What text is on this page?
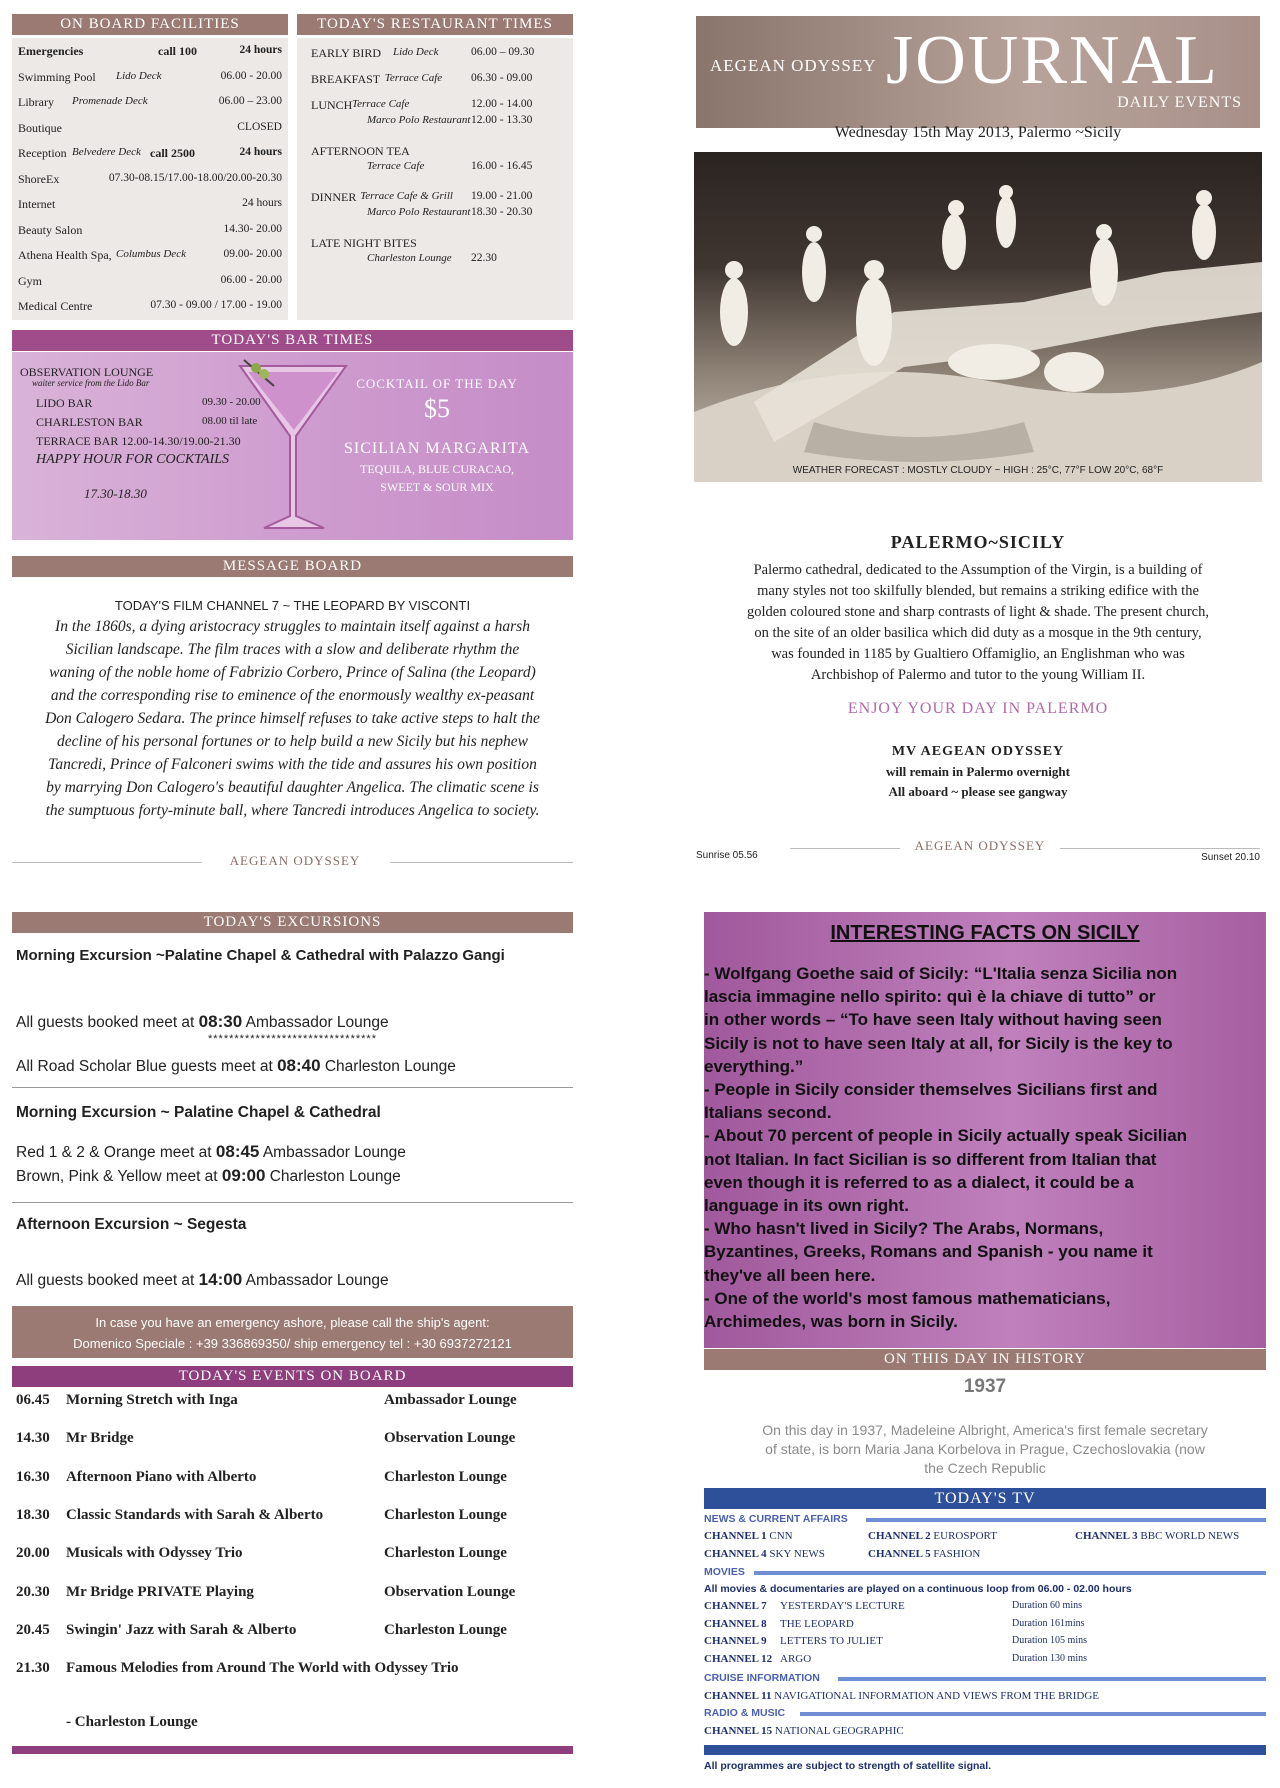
ON BOARD FACILITIES
Emergencies	call 100	24 hours
Swimming Pool Lido Deck	06.00 - 20.00
Library Promenade Deck	06.00 – 23.00
Boutique	CLOSED
Reception Belvedere Deck call 2500	24 hours
ShoreEx	07.30-08.15/17.00-18.00/20.00-20.30
Internet	24 hours
Beauty Salon	14.30- 20.00
Athena Health Spa, Columbus Deck	09.00- 20.00
Gym	06.00 - 20.00
Medical Centre	07.30 - 09.00 / 17.00 - 19.00
TODAY'S RESTAURANT TIMES
EARLY BIRD Lido Deck	06.00 – 09.30
BREAKFAST Terrace Cafe	06.30 - 09.00
LUNCH Terrace Cafe	12.00 - 14.00
Marco Polo Restaurant 12.00 - 13.30
AFTERNOON TEA
Terrace Cafe	16.00 - 16.45
DINNER Terrace Cafe & Grill 19.00 - 21.00
Marco Polo Restaurant 18.30 - 20.30
LATE NIGHT BITES
Charleston Lounge 22.30
TODAY'S BAR TIMES
OBSERVATION LOUNGE
waiter service from the Lido Bar
LIDO BAR	09.30 - 20.00
CHARLESTON BAR	08.00 til late
TERRACE BAR 12.00-14.30/19.00-21.30
HAPPY HOUR FOR COCKTAILS
17.30-18.30
COCKTAIL OF THE DAY
$5
SICILIAN MARGARITA
TEQUILA, BLUE CURACAO,
SWEET & SOUR MIX
MESSAGE BOARD
TODAY'S FILM CHANNEL 7 ~ THE LEOPARD BY VISCONTI
In the 1860s, a dying aristocracy struggles to maintain itself against a harsh
Sicilian landscape. The film traces with a slow and deliberate rhythm the
waning of the noble home of Fabrizio Corbero, Prince of Salina (the Leopard)
and the corresponding rise to eminence of the enormously wealthy ex-peasant
Don Calogero Sedara. The prince himself refuses to take active steps to halt the
decline of his personal fortunes or to help build a new Sicily but his nephew
Tancredi, Prince of Falconeri swims with the tide and assures his own position
by marrying Don Calogero's beautiful daughter Angelica. The climatic scene is
the sumptuous forty-minute ball, where Tancredi introduces Angelica to society.
AEGEAN ODYSSEY
AEGEAN ODYSSEY JOURNAL
DAILY EVENTS
Wednesday 15th May 2013, Palermo ~Sicily
WEATHER FORECAST : MOSTLY CLOUDY ~ HIGH : 25°C, 77°F LOW 20°C, 68°F
PALERMO~SICILY
Palermo cathedral, dedicated to the Assumption of the Virgin, is a building of
many styles not too skilfully blended, but remains a striking edifice with the
golden coloured stone and sharp contrasts of light & shade. The present church,
on the site of an older basilica which did duty as a mosque in the 9th century,
was founded in 1185 by Gualtiero Offamiglio, an Englishman who was
Archbishop of Palermo and tutor to the young William II.
ENJOY YOUR DAY IN PALERMO
MV AEGEAN ODYSSEY
will remain in Palermo overnight
All aboard ~ please see gangway
AEGEAN ODYSSEY
Sunrise 05.56	Sunset 20.10
TODAY'S EXCURSIONS
Morning Excursion ~Palatine Chapel & Cathedral with Palazzo Gangi
All guests booked meet at 08:30 Ambassador Lounge
********************************
All Road Scholar Blue guests meet at 08:40 Charleston Lounge
Morning Excursion ~ Palatine Chapel & Cathedral
Red 1 & 2 & Orange meet at 08:45 Ambassador Lounge
Brown, Pink & Yellow meet at 09:00 Charleston Lounge
Afternoon Excursion ~ Segesta
All guests booked meet at 14:00 Ambassador Lounge
In case you have an emergency ashore, please call the ship's agent:
Domenico Speciale : +39 336869350/ ship emergency tel : +30 6937272121
TODAY'S EVENTS ON BOARD
06.45 Morning Stretch with Inga	Ambassador Lounge
14.30 Mr Bridge	Observation Lounge
16.30 Afternoon Piano with Alberto	Charleston Lounge
18.30 Classic Standards with Sarah & Alberto	Charleston Lounge
20.00 Musicals with Odyssey Trio	Charleston Lounge
20.30 Mr Bridge PRIVATE Playing	Observation Lounge
20.45 Swingin' Jazz with Sarah & Alberto	Charleston Lounge
21.30 Famous Melodies from Around The World with Odyssey Trio
- Charleston Lounge
INTERESTING FACTS ON SICILY
- Wolfgang Goethe said of Sicily: “L'Italia senza Sicilia non
lascia immagine nello spirito: quì è la chiave di tutto” or
in other words – “To have seen Italy without having seen
Sicily is not to have seen Italy at all, for Sicily is the key to
everything.”
- People in Sicily consider themselves Sicilians first and
Italians second.
- About 70 percent of people in Sicily actually speak Sicilian
not Italian. In fact Sicilian is so different from Italian that
even though it is referred to as a dialect, it could be a
language in its own right.
- Who hasn't lived in Sicily? The Arabs, Normans,
Byzantines, Greeks, Romans and Spanish - you name it
they've all been here.
- One of the world's most famous mathematicians,
Archimedes, was born in Sicily.
ON THIS DAY IN HISTORY
1937
On this day in 1937, Madeleine Albright, America's first female secretary
of state, is born Maria Jana Korbelova in Prague, Czechoslovakia (now
the Czech Republic
TODAY'S TV
NEWS & CURRENT AFFAIRS
CHANNEL 1 CNN	CHANNEL 2 EUROSPORT	CHANNEL 3 BBC WORLD NEWS
CHANNEL 4 SKY NEWS	CHANNEL 5 FASHION
MOVIES
All movies & documentaries are played on a continuous loop from 06.00 - 02.00 hours
CHANNEL 7 YESTERDAY'S LECTURE	Duration 60 mins
CHANNEL 8 THE LEOPARD	Duration 161mins
CHANNEL 9 LETTERS TO JULIET	Duration 105 mins
CHANNEL 12 ARGO	Duration 130 mins
CRUISE INFORMATION
CHANNEL 11 NAVIGATIONAL INFORMATION AND VIEWS FROM THE BRIDGE
RADIO & MUSIC
CHANNEL 15 NATIONAL GEOGRAPHIC
All programmes are subject to strength of satellite signal.
